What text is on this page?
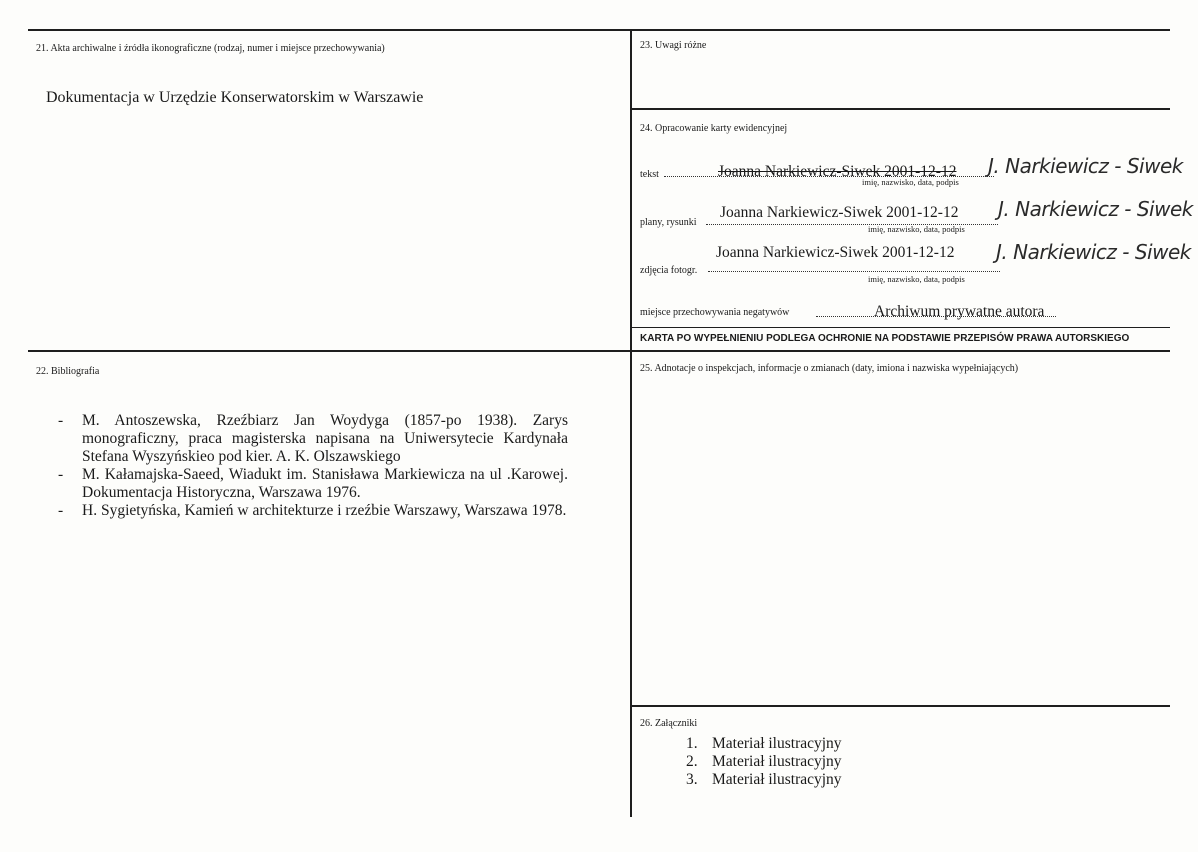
21. Akta archiwalne i źródła ikonograficzne (rodzaj, numer i miejsce przechowywania)
Dokumentacja w Urzędzie Konserwatorskim w Warszawie
23. Uwagi różne
24. Opracowanie karty ewidencyjnej
tekst	Joanna Narkiewicz-Siwek 2001-12-12
imię, nazwisko, data, podpis
J. Narkiewicz - Siwek
plany, rysunki
Joanna Narkiewicz-Siwek 2001-12-12
imię, nazwisko, data, podpis
J. Narkiewicz - Siwek
zdjęcia fotogr.
Joanna Narkiewicz-Siwek 2001-12-12
imię, nazwisko, data, podpis
J. Narkiewicz - Siwek
miejsce przechowywania negatywów	Archiwum prywatne autora
KARTA PO WYPEŁNIENIU PODLEGA OCHRONIE NA PODSTAWIE PRZEPISÓW PRAWA AUTORSKIEGO
22. Bibliografia
- M. Antoszewska, Rzeźbiarz Jan Woydyga (1857-po 1938). Zarys monograficzny, praca magisterska napisana na Uniwersytecie Kardynała Stefana Wyszyńskieo pod kier. A. K. Olszawskiego
- M. Kałamajska-Saeed, Wiadukt im. Stanisława Markiewicza na ul .Karowej. Dokumentacja Historyczna, Warszawa 1976.
- H. Sygietyńska, Kamień w architekturze i rzeźbie Warszawy, Warszawa 1978.
25. Adnotacje o inspekcjach, informacje o zmianach (daty, imiona i nazwiska wypełniających)
26. Załączniki
1. Materiał ilustracyjny
2. Materiał ilustracyjny
3. Materiał ilustracyjny
